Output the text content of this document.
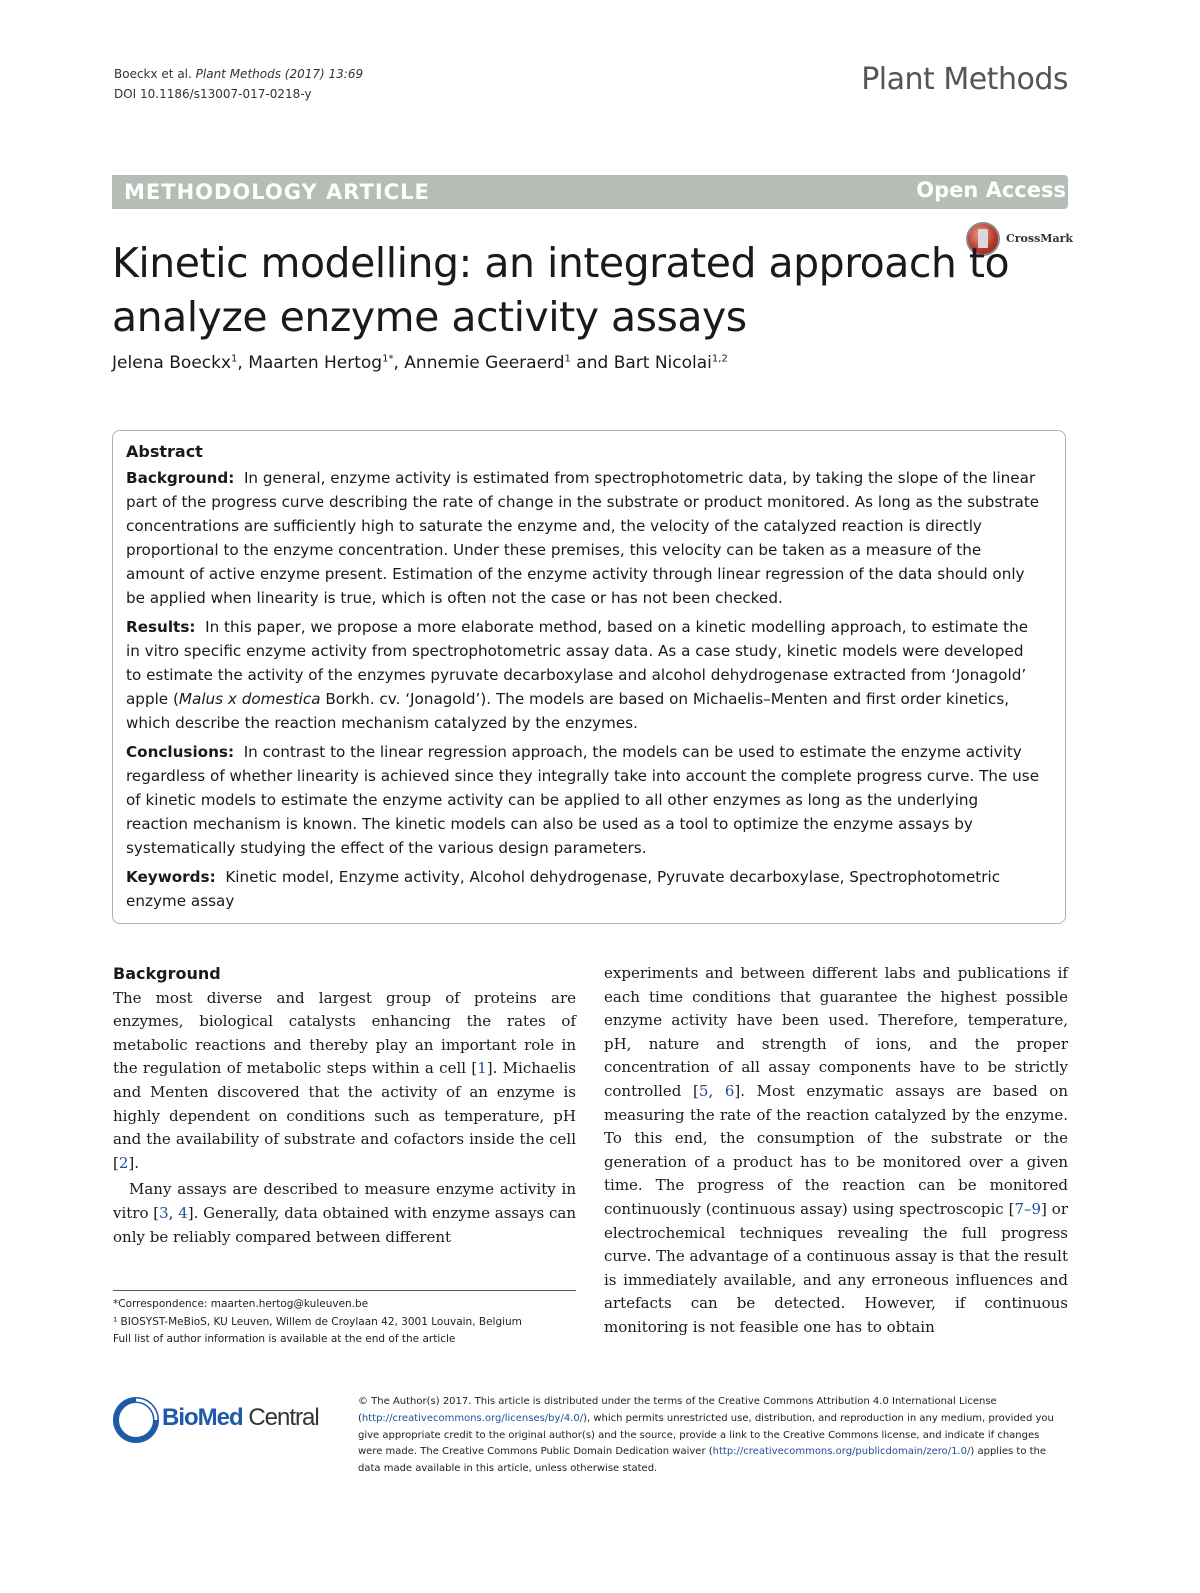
Boeckx et al. Plant Methods (2017) 13:69
DOI 10.1186/s13007-017-0218-y	Plant Methods
METHODOLOGY ARTICLE	Open Access
CrossMark
Kinetic modelling: an integrated approach to analyze enzyme activity assays
Jelena Boeckx$^1$, Maarten Hertog$^{1*}$, Annemie Geeraerd$^1$ and Bart Nicolai$^{1,2}$

Abstract

Background: In general, enzyme activity is estimated from spectrophotometric data, by taking the slope of the linear part of the progress curve describing the rate of change in the substrate or product monitored. As long as the substrate concentrations are sufficiently high to saturate the enzyme and, the velocity of the catalyzed reaction is directly proportional to the enzyme concentration. Under these premises, this velocity can be taken as a measure of the amount of active enzyme present. Estimation of the enzyme activity through linear regression of the data should only be applied when linearity is true, which is often not the case or has not been checked.

Results: In this paper, we propose a more elaborate method, based on a kinetic modelling approach, to estimate the in vitro specific enzyme activity from spectrophotometric assay data. As a case study, kinetic models were developed to estimate the activity of the enzymes pyruvate decarboxylase and alcohol dehydrogenase extracted from ‘Jonagold’ apple (Malus x domestica Borkh. cv. ‘Jonagold’). The models are based on Michaelis–Menten and first order kinetics, which describe the reaction mechanism catalyzed by the enzymes.

Conclusions: In contrast to the linear regression approach, the models can be used to estimate the enzyme activity regardless of whether linearity is achieved since they integrally take into account the complete progress curve. The use of kinetic models to estimate the enzyme activity can be applied to all other enzymes as long as the underlying reaction mechanism is known. The kinetic models can also be used as a tool to optimize the enzyme assays by systematically studying the effect of the various design parameters.

Keywords: Kinetic model, Enzyme activity, Alcohol dehydrogenase, Pyruvate decarboxylase, Spectrophotometric enzyme assay

Background

The most diverse and largest group of proteins are enzymes, biological catalysts enhancing the rates of metabolic reactions and thereby play an important role in the regulation of metabolic steps within a cell [1]. Michaelis and Menten discovered that the activity of an enzyme is highly dependent on conditions such as temperature, pH and the availability of substrate and cofactors inside the cell [2].

Many assays are described to measure enzyme activity in vitro [3, 4]. Generally, data obtained with enzyme assays can only be reliably compared between different

experiments and between different labs and publications if each time conditions that guarantee the highest possible enzyme activity have been used. Therefore, temperature, pH, nature and strength of ions, and the proper concentration of all assay components have to be strictly controlled [5, 6]. Most enzymatic assays are based on measuring the rate of the reaction catalyzed by the enzyme. To this end, the consumption of the substrate or the generation of a product has to be monitored over a given time. The progress of the reaction can be monitored continuously (continuous assay) using spectroscopic [7–9] or electrochemical techniques revealing the full progress curve. The advantage of a continuous assay is that the result is immediately available, and any erroneous influences and artefacts can be detected. However, if continuous monitoring is not feasible one has to obtain

*Correspondence: maarten.hertog@kuleuven.be

¹ BIOSYST-MeBioS, KU Leuven, Willem de Croylaan 42, 3001 Louvain, Belgium

Full list of author information is available at the end of the article

BioMed Central
© The Author(s) 2017. This article is distributed under the terms of the Creative Commons Attribution 4.0 International License (http://creativecommons.org/licenses/by/4.0/), which permits unrestricted use, distribution, and reproduction in any medium, provided you give appropriate credit to the original author(s) and the source, provide a link to the Creative Commons license, and indicate if changes were made. The Creative Commons Public Domain Dedication waiver (http://creativecommons.org/publicdomain/zero/1.0/) applies to the data made available in this article, unless otherwise stated.
